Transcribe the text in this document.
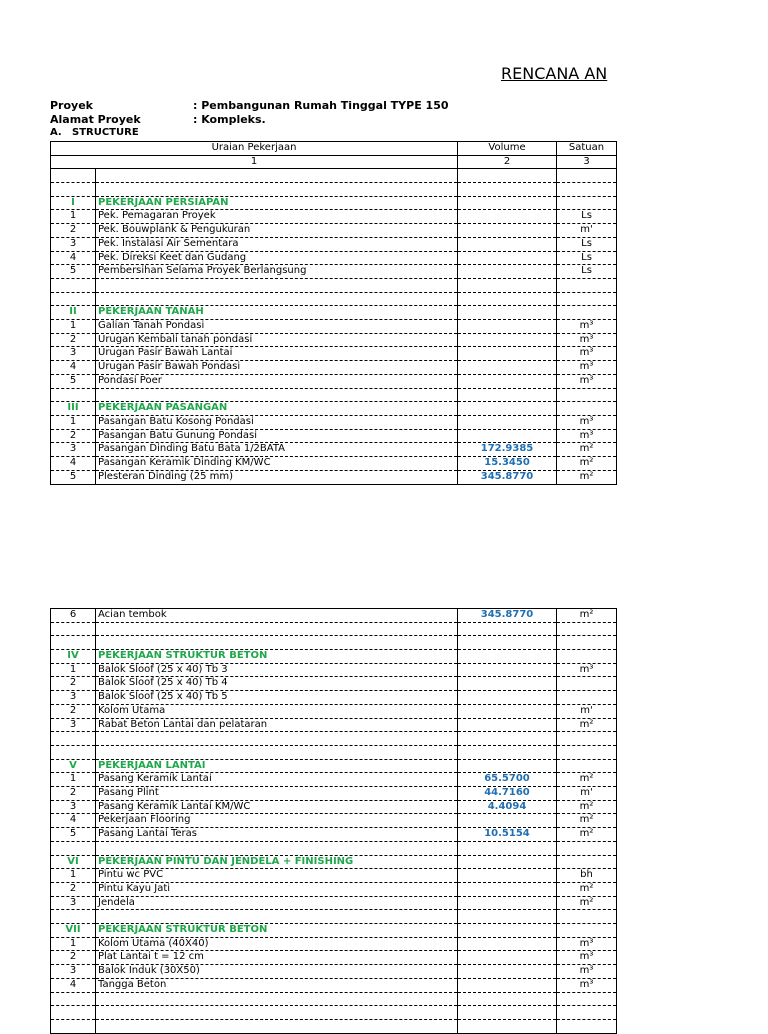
RENCANA AN
Proyek	: Pembangunan Rumah Tinggal TYPE 150
Alamat Proyek	: Kompleks.
A. STRUCTURE
Uraian Pekerjaan		Volume	Satuan
1		2	3

I	PEKERJAAN PERSIAPAN		
1	Pek. Pemagaran Proyek		Ls
2	Pek. Bouwplank & Pengukuran		m'
3	Pek. Instalasi Air Sementara		Ls
4	Pek. Direksi Keet dan Gudang		Ls
5	Pembersihan Selama Proyek Berlangsung		Ls

II	PEKERJAAN TANAH		
1	Galian Tanah Pondasi		m³
2	Urugan Kembali tanah pondasi		m³
3	Urugan Pasir Bawah Lantai		m³
4	Urugan Pasir Bawah Pondasi		m³
5	Pondasi Poer		m³

III	PEKERJAAN PASANGAN		
1	Pasangan Batu Kosong Pondasi		m³
2	Pasangan Batu Gunung Pondasi		m³
3	Pasangan Dinding Batu Bata 1/2BATA	172.9385	m²
4	Pasangan Keramik Dinding KM/WC	15.3450	m²
5	Plesteran Dinding (25 mm)	345.8770	m²
6	Acian tembok	345.8770	m²

IV	PEKERJAAN STRUKTUR BETON		
1	Balok Sloof (25 x 40) Tb 3		m³
2	Balok Sloof (25 x 40) Tb 4		
3	Balok Sloof (25 x 40) Tb 5		
2	Kolom Utama		m'
3	Rabat Beton Lantai dan pelataran		m²

V	PEKERJAAN LANTAI		
1	Pasang Keramik Lantai	65.5700	m²
2	Pasang Plint	44.7160	m'
3	Pasang Keramik Lantai KM/WC	4.4094	m²
4	Pekerjaan Flooring		m²
5	Pasang Lantai Teras	10.5154	m²

VI	PEKERJAAN PINTU DAN JENDELA + FINISHING		
1	Pintu wc PVC		bh
2	Pintu Kayu Jati		m²
3	Jendela		m²

VII	PEKERJAAN STRUKTUR BETON		
1	Kolom Utama (40X40)		m³
2	Plat Lantai t = 12 cm		m³
3	Balok Induk (30X50)		m³
4	Tangga Beton		m³
